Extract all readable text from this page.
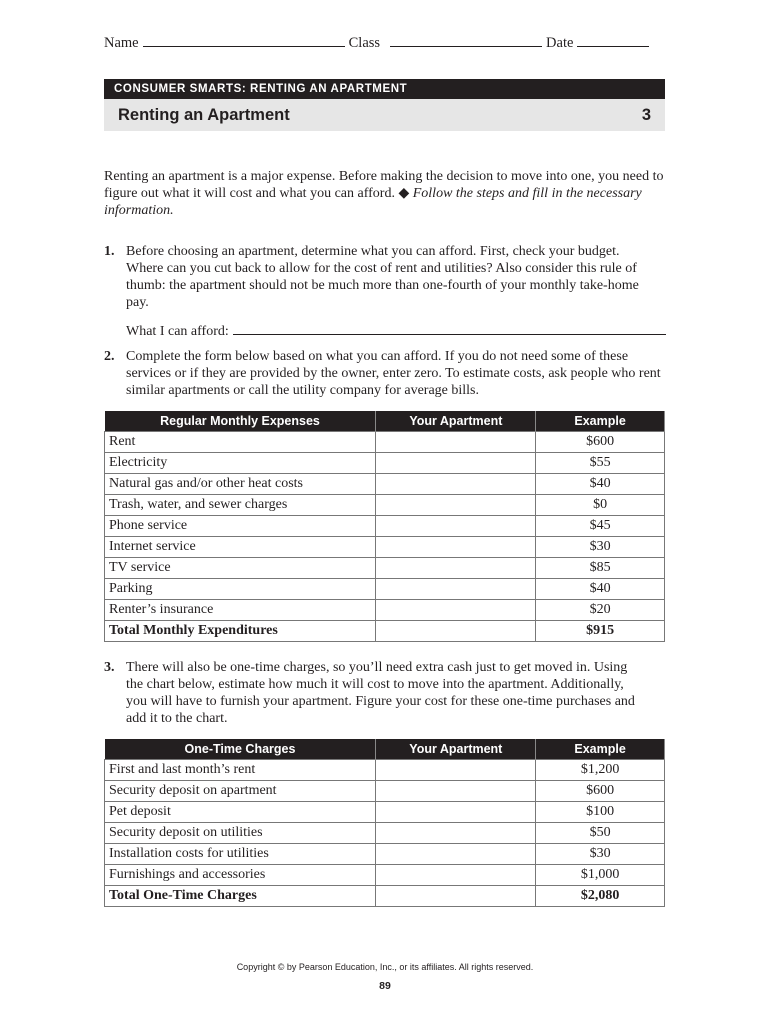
Name	Class	Date
CONSUMER SMARTS: RENTING AN APARTMENT
Renting an Apartment	3
Renting an apartment is a major expense. Before making the decision to move into one, you need to figure out what it will cost and what you can afford. ◆ Follow the steps and fill in the necessary information.
1. Before choosing an apartment, determine what you can afford. First, check your budget. Where can you cut back to allow for the cost of rent and utilities? Also consider this rule of thumb: the apartment should not be much more than one-fourth of your monthly take-home pay.
What I can afford:
2. Complete the form below based on what you can afford. If you do not need some of these services or if they are provided by the owner, enter zero. To estimate costs, ask people who rent similar apartments or call the utility company for average bills.
Regular Monthly Expenses	Your Apartment	Example
Rent		$600
Electricity		$55
Natural gas and/or other heat costs		$40
Trash, water, and sewer charges		$0
Phone service		$45
Internet service		$30
TV service		$85
Parking		$40
Renter’s insurance		$20
Total Monthly Expenditures		$915
3. There will also be one-time charges, so you’ll need extra cash just to get moved in. Using the chart below, estimate how much it will cost to move into the apartment. Additionally, you will have to furnish your apartment. Figure your cost for these one-time purchases and add it to the chart.
One-Time Charges	Your Apartment	Example
First and last month’s rent		$1,200
Security deposit on apartment		$600
Pet deposit		$100
Security deposit on utilities		$50
Installation costs for utilities		$30
Furnishings and accessories		$1,000
Total One-Time Charges		$2,080
Copyright © by Pearson Education, Inc., or its affiliates. All rights reserved.
89
